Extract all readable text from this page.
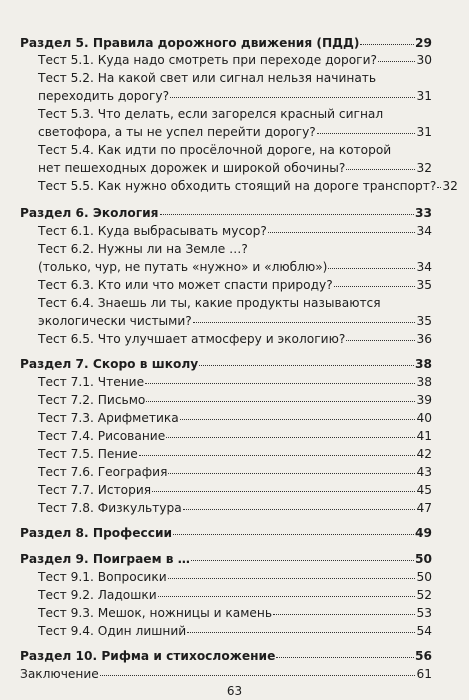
Раздел 5. Правила дорожного движения (ПДД)	29
Тест 5.1. Куда надо смотреть при переходе дороги?	30
Тест 5.2. На какой свет или сигнал нельзя начинать
переходить дорогу?	31
Тест 5.3. Что делать, если загорелся красный сигнал
светофора, а ты не успел перейти дорогу?	31
Тест 5.4. Как идти по просёлочной дороге, на которой
нет пешеходных дорожек и широкой обочины?	32
Тест 5.5. Как нужно обходить стоящий на дороге транспорт? 32
Раздел 6. Экология	33
Тест 6.1. Куда выбрасывать мусор?	34
Тест 6.2. Нужны ли на Земле …?
(только, чур, не путать «нужно» и «люблю»)	34
Тест 6.3. Кто или что может спасти природу?	35
Тест 6.4. Знаешь ли ты, какие продукты называются
экологически чистыми?	35
Тест 6.5. Что улучшает атмосферу и экологию?	36
Раздел 7. Скоро в школу	38
Тест 7.1. Чтение	38
Тест 7.2. Письмо	39
Тест 7.3. Арифметика	40
Тест 7.4. Рисование	41
Тест 7.5. Пение	42
Тест 7.6. География	43
Тест 7.7. История	45
Тест 7.8. Физкультура	47
Раздел 8. Профессии	49
Раздел 9. Поиграем в …	50
Тест 9.1. Вопросики	50
Тест 9.2. Ладошки	52
Тест 9.3. Мешок, ножницы и камень	53
Тест 9.4. Один лишний	54
Раздел 10. Рифма и стихосложение	56
Заключение	61
63
